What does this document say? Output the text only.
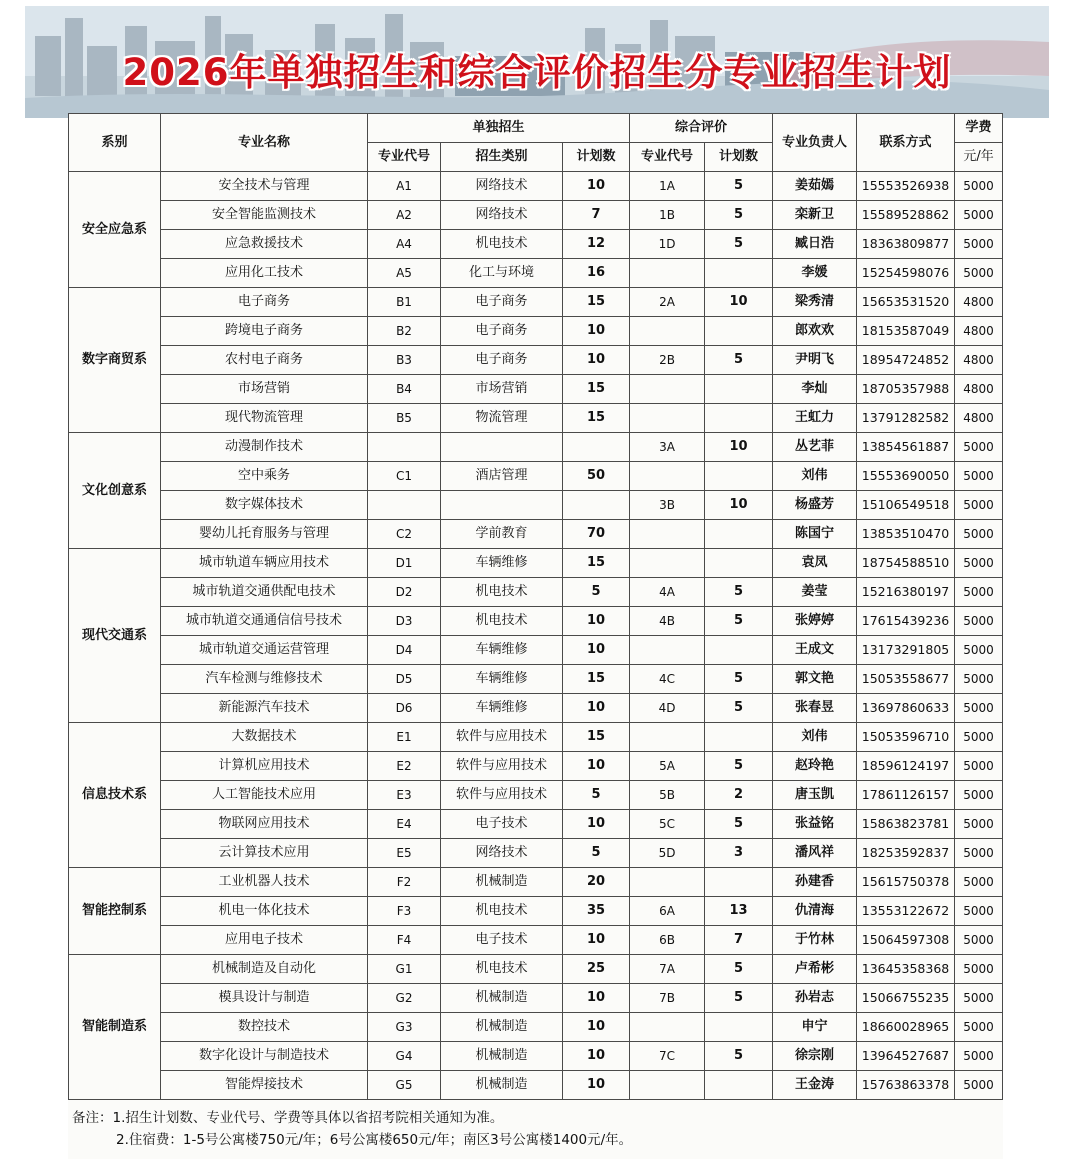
2026年单独招生和综合评价招生分专业招生计划
系别	专业名称	单独招生			综合评价		专业负责人	联系方式	学费
		专业代号	招生类别	计划数	专业代号	计划数			元/年
安全应急系	安全技术与管理	A1	网络技术	10	1A	5	姜茹嫣	15553526938	5000
	安全智能监测技术	A2	网络技术	7	1B	5	栾新卫	15589528862	5000
	应急救援技术	A4	机电技术	12	1D	5	臧日浩	18363809877	5000
	应用化工技术	A5	化工与环境	16			李媛	15254598076	5000
数字商贸系	电子商务	B1	电子商务	15	2A	10	梁秀清	15653531520	4800
	跨境电子商务	B2	电子商务	10			郎欢欢	18153587049	4800
	农村电子商务	B3	电子商务	10	2B	5	尹明飞	18954724852	4800
	市场营销	B4	市场营销	15			李灿	18705357988	4800
	现代物流管理	B5	物流管理	15			王虹力	13791282582	4800
文化创意系	动漫制作技术				3A	10	丛艺菲	13854561887	5000
	空中乘务	C1	酒店管理	50			刘伟	15553690050	5000
	数字媒体技术				3B	10	杨盛芳	15106549518	5000
	婴幼儿托育服务与管理	C2	学前教育	70			陈国宁	13853510470	5000
现代交通系	城市轨道车辆应用技术	D1	车辆维修	15			袁凤	18754588510	5000
	城市轨道交通供配电技术	D2	机电技术	5	4A	5	姜莹	15216380197	5000
	城市轨道交通通信信号技术	D3	机电技术	10	4B	5	张婷婷	17615439236	5000
	城市轨道交通运营管理	D4	车辆维修	10			王成文	13173291805	5000
	汽车检测与维修技术	D5	车辆维修	15	4C	5	郭文艳	15053558677	5000
	新能源汽车技术	D6	车辆维修	10	4D	5	张春昱	13697860633	5000
信息技术系	大数据技术	E1	软件与应用技术	15			刘伟	15053596710	5000
	计算机应用技术	E2	软件与应用技术	10	5A	5	赵玲艳	18596124197	5000
	人工智能技术应用	E3	软件与应用技术	5	5B	2	唐玉凯	17861126157	5000
	物联网应用技术	E4	电子技术	10	5C	5	张益铭	15863823781	5000
	云计算技术应用	E5	网络技术	5	5D	3	潘风祥	18253592837	5000
智能控制系	工业机器人技术	F2	机械制造	20			孙建香	15615750378	5000
	机电一体化技术	F3	机电技术	35	6A	13	仇清海	13553122672	5000
	应用电子技术	F4	电子技术	10	6B	7	于竹林	15064597308	5000
智能制造系	机械制造及自动化	G1	机电技术	25	7A	5	卢希彬	13645358368	5000
	模具设计与制造	G2	机械制造	10	7B	5	孙岩志	15066755235	5000
	数控技术	G3	机械制造	10			申宁	18660028965	5000
	数字化设计与制造技术	G4	机械制造	10	7C	5	徐宗刚	13964527687	5000
	智能焊接技术	G5	机械制造	10			王金涛	15763863378	5000
备注：1.招生计划数、专业代号、学费等具体以省招考院相关通知为准。
2.住宿费：1-5号公寓楼750元/年；6号公寓楼650元/年；南区3号公寓楼1400元/年。
